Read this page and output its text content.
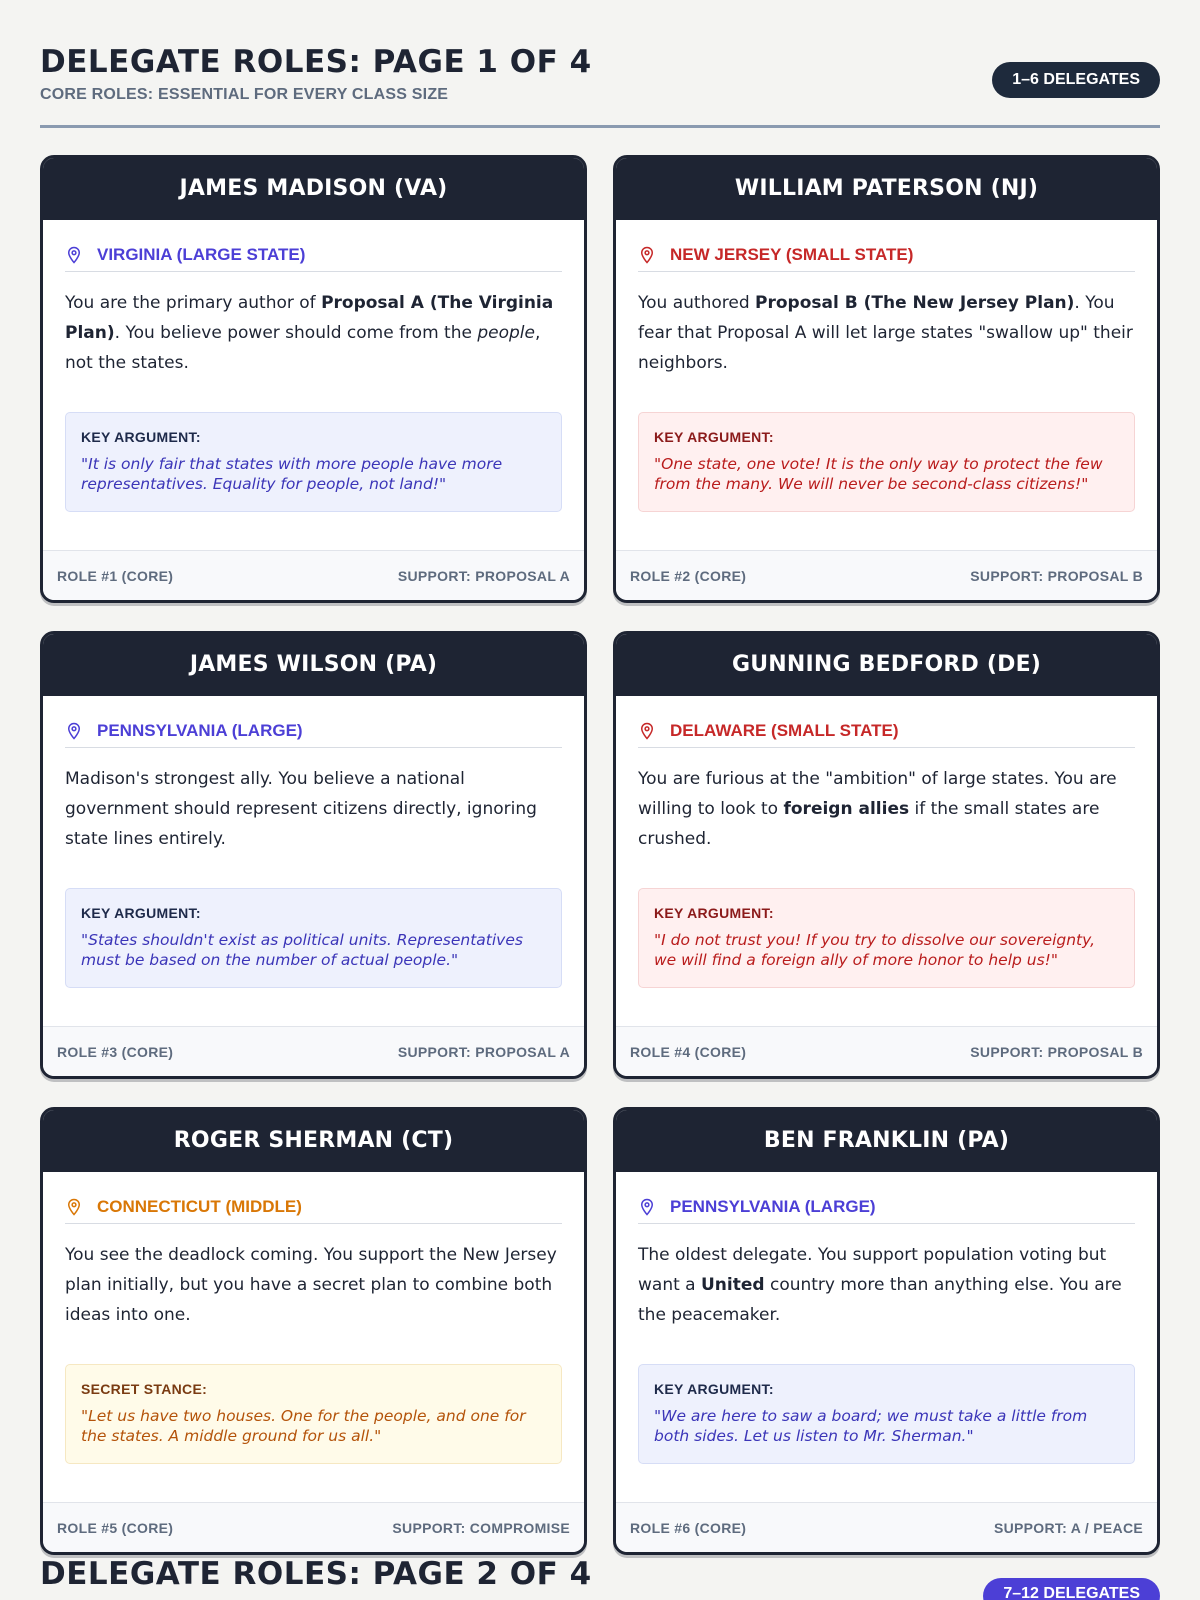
DELEGATE ROLES: PAGE 1 OF 4
CORE ROLES: ESSENTIAL FOR EVERY CLASS SIZE
1–6 DELEGATES
JAMES MADISON (VA)
VIRGINIA (LARGE STATE)
You are the primary author of Proposal A (The Virginia Plan). You believe power should come from the people, not the states.
KEY ARGUMENT:
"It is only fair that states with more people have more representatives. Equality for people, not land!"
ROLE #1 (CORE)	SUPPORT: PROPOSAL A
WILLIAM PATERSON (NJ)
NEW JERSEY (SMALL STATE)
You authored Proposal B (The New Jersey Plan). You fear that Proposal A will let large states "swallow up" their neighbors.
KEY ARGUMENT:
"One state, one vote! It is the only way to protect the few from the many. We will never be second-class citizens!"
ROLE #2 (CORE)	SUPPORT: PROPOSAL B
JAMES WILSON (PA)
PENNSYLVANIA (LARGE)
Madison's strongest ally. You believe a national government should represent citizens directly, ignoring state lines entirely.
KEY ARGUMENT:
"States shouldn't exist as political units. Representatives must be based on the number of actual people."
ROLE #3 (CORE)	SUPPORT: PROPOSAL A
GUNNING BEDFORD (DE)
DELAWARE (SMALL STATE)
You are furious at the "ambition" of large states. You are willing to look to foreign allies if the small states are crushed.
KEY ARGUMENT:
"I do not trust you! If you try to dissolve our sovereignty, we will find a foreign ally of more honor to help us!"
ROLE #4 (CORE)	SUPPORT: PROPOSAL B
ROGER SHERMAN (CT)
CONNECTICUT (MIDDLE)
You see the deadlock coming. You support the New Jersey plan initially, but you have a secret plan to combine both ideas into one.
SECRET STANCE:
"Let us have two houses. One for the people, and one for the states. A middle ground for us all."
ROLE #5 (CORE)	SUPPORT: COMPROMISE
BEN FRANKLIN (PA)
PENNSYLVANIA (LARGE)
The oldest delegate. You support population voting but want a United country more than anything else. You are the peacemaker.
KEY ARGUMENT:
"We are here to saw a board; we must take a little from both sides. Let us listen to Mr. Sherman."
ROLE #6 (CORE)	SUPPORT: A / PEACE
DELEGATE ROLES: PAGE 2 OF 4
7–12 DELEGATES
